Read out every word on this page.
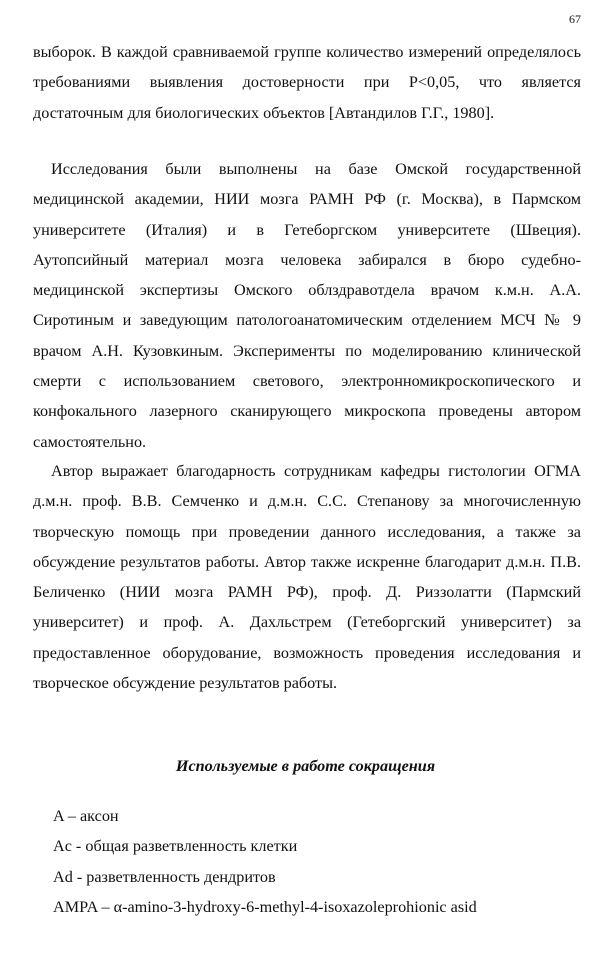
67

выборок. В каждой сравниваемой группе количество измерений определялось требованиями выявления достоверности при P<0,05, что является достаточным для биологических объектов [Автандилов Г.Г., 1980].

Исследования были выполнены на базе Омской государственной медицинской академии, НИИ мозга РАМН РФ (г. Москва), в Пармском университете (Италия) и в Гетеборгском университете (Швеция). Аутопсийный материал мозга человека забирался в бюро судебно-медицинской экспертизы Омского облздравотдела врачом к.м.н. А.А. Сиротиным и заведующим патологоанатомическим отделением МСЧ № 9 врачом А.Н. Кузовкиным. Эксперименты по моделированию клинической смерти с использованием светового, электронномикроскопического и конфокального лазерного сканирующего микроскопа проведены автором самостоятельно.

Автор выражает благодарность сотрудникам кафедры гистологии ОГМА д.м.н. проф. В.В. Семченко и д.м.н. С.С. Степанову за многочисленную творческую помощь при проведении данного исследования, а также за обсуждение результатов работы. Автор также искренне благодарит д.м.н. П.В. Беличенко (НИИ мозга РАМН РФ), проф. Д. Риззолатти (Пармский университет) и проф. А. Дахльстрем (Гетеборгский университет) за предоставленное оборудование, возможность проведения исследования и творческое обсуждение результатов работы.

Используемые в работе сокращения
A – аксон
Ac - общая разветвленность клетки
Ad - разветвленность дендритов
AMPA – α-amino-3-hydroxy-6-methyl-4-isoxazoleprohionic asid
